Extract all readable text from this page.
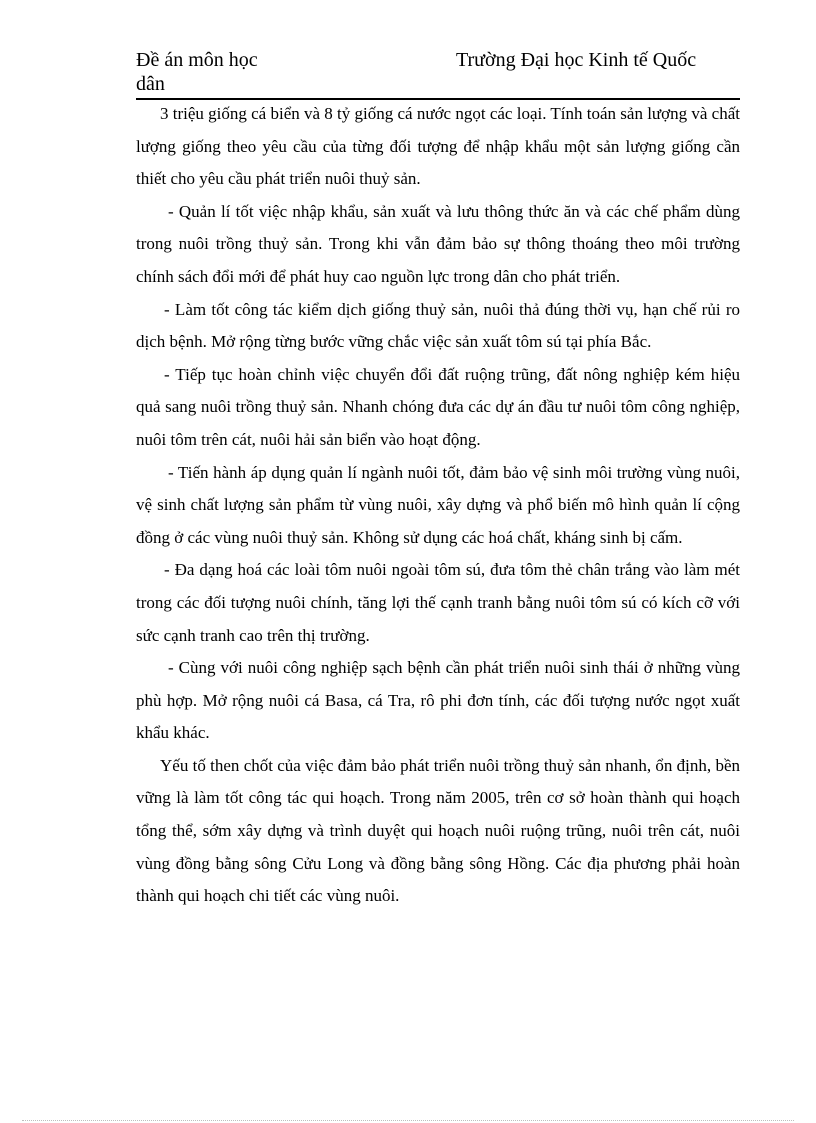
Đề án môn học	Trường Đại học Kinh tế Quốc
dân

3 triệu giống cá biển và 8 tỷ giống cá nước ngọt các loại. Tính toán sản lượng và chất lượng giống theo yêu cầu của từng đối tượng để nhập khẩu một sản lượng giống cần thiết cho yêu cầu phát triển nuôi thuỷ sản.

- Quản lí tốt việc nhập khẩu, sản xuất và lưu thông thức ăn và các chế phẩm dùng trong nuôi trồng thuỷ sản. Trong khi vẫn đảm bảo sự thông thoáng theo môi trường chính sách đổi mới để phát huy cao nguồn lực trong dân cho phát triển.

- Làm tốt công tác kiểm dịch giống thuỷ sản, nuôi thả đúng thời vụ, hạn chế rủi ro dịch bệnh. Mở rộng từng bước vững chắc việc sản xuất tôm sú tại phía Bắc.

- Tiếp tục hoàn chỉnh việc chuyển đổi đất ruộng trũng, đất nông nghiệp kém hiệu quả sang nuôi trồng thuỷ sản. Nhanh chóng đưa các dự án đầu tư nuôi tôm công nghiệp, nuôi tôm trên cát, nuôi hải sản biển vào hoạt động.

- Tiến hành áp dụng quản lí ngành nuôi tốt, đảm bảo vệ sinh môi trường vùng nuôi, vệ sinh chất lượng sản phẩm từ vùng nuôi, xây dựng và phổ biến mô hình quản lí cộng đồng ở các vùng nuôi thuỷ sản. Không sử dụng các hoá chất, kháng sinh bị cấm.

- Đa dạng hoá các loài tôm nuôi ngoài tôm sú, đưa tôm thẻ chân trắng vào làm mét trong các đối tượng nuôi chính, tăng lợi thế cạnh tranh bằng nuôi tôm sú có kích cỡ với sức cạnh tranh cao trên thị trường.

- Cùng với nuôi công nghiệp sạch bệnh cần phát triển nuôi sinh thái ở những vùng phù hợp. Mở rộng nuôi cá Basa, cá Tra, rô phi đơn tính, các đối tượng nước ngọt xuất khẩu khác.

Yếu tố then chốt của việc đảm bảo phát triển nuôi trồng thuỷ sản nhanh, ổn định, bền vững là làm tốt công tác qui hoạch. Trong năm 2005, trên cơ sở hoàn thành qui hoạch tổng thể, sớm xây dựng và trình duyệt qui hoạch nuôi ruộng trũng, nuôi trên cát, nuôi vùng đồng bằng sông Cửu Long và đồng bằng sông Hồng. Các địa phương phải hoàn thành qui hoạch chi tiết các vùng nuôi.
